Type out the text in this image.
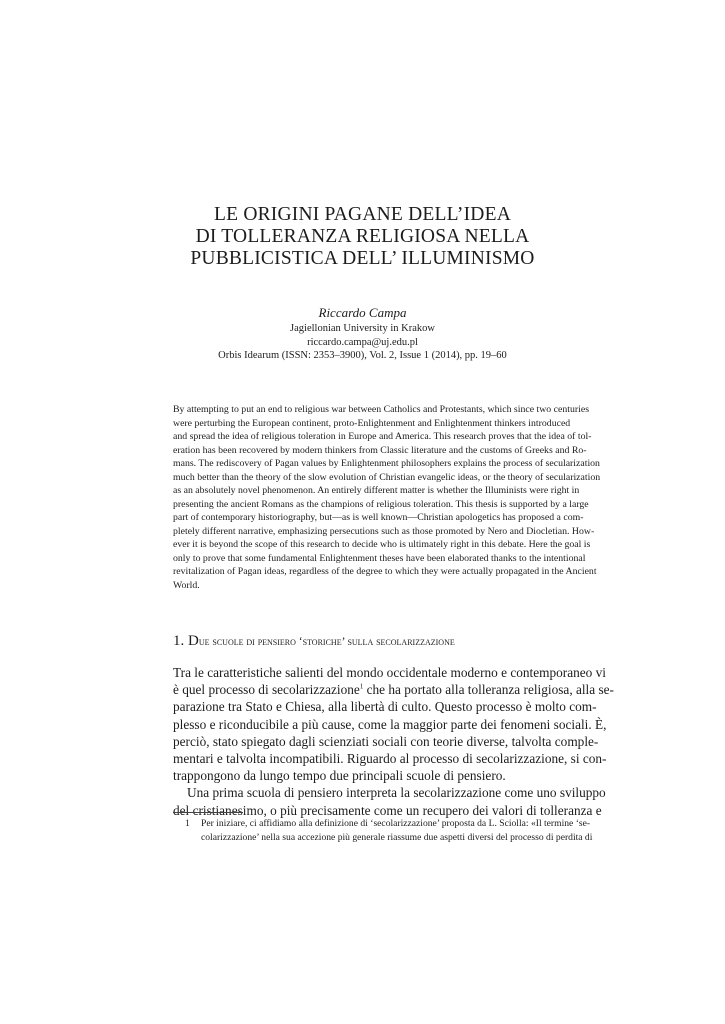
LE ORIGINI PAGANE DELL’IDEA
DI TOLLERANZA RELIGIOSA NELLA
PUBBLICISTICA DELL’ ILLUMINISMO
Riccardo Campa
Jagiellonian University in Krakow
riccardo.campa@uj.edu.pl
Orbis Idearum (ISSN: 2353–3900), Vol. 2, Issue 1 (2014), pp. 19–60
By attempting to put an end to religious war between Catholics and Protestants, which since two centuries
were perturbing the European continent, proto-Enlightenment and Enlightenment thinkers introduced
and spread the idea of religious toleration in Europe and America. This research proves that the idea of tol-
eration has been recovered by modern thinkers from Classic literature and the customs of Greeks and Ro-
mans. The rediscovery of Pagan values by Enlightenment philosophers explains the process of secularization
much better than the theory of the slow evolution of Christian evangelic ideas, or the theory of secularization
as an absolutely novel phenomenon. An entirely different matter is whether the Illuminists were right in
presenting the ancient Romans as the champions of religious toleration. This thesis is supported by a large
part of contemporary historiography, but—as is well known—Christian apologetics has proposed a com-
pletely different narrative, emphasizing persecutions such as those promoted by Nero and Diocletian. How-
ever it is beyond the scope of this research to decide who is ultimately right in this debate. Here the goal is
only to prove that some fundamental Enlightenment theses have been elaborated thanks to the intentional
revitalization of Pagan ideas, regardless of the degree to which they were actually propagated in the Ancient
World.
1. Due scuole di pensiero ‘storiche’ sulla secolarizzazione
Tra le caratteristiche salienti del mondo occidentale moderno e contemporaneo vi
è quel processo di secolarizzazione$^1$ che ha portato alla tolleranza religiosa, alla se-
parazione tra Stato e Chiesa, alla libertà di culto. Questo processo è molto com-
plesso e riconducibile a più cause, come la maggior parte dei fenomeni sociali. È,
perciò, stato spiegato dagli scienziati sociali con teorie diverse, talvolta comple-
mentari e talvolta incompatibili. Riguardo al processo di secolarizzazione, si con-
trappongono da lungo tempo due principali scuole di pensiero.
Una prima scuola di pensiero interpreta la secolarizzazione come uno sviluppo
del cristianesimo, o più precisamente come un recupero dei valori di tolleranza e
1 Per iniziare, ci affidiamo alla definizione di ‘secolarizzazione’ proposta da L. Sciolla: «Il termine ‘se-
colarizzazione’ nella sua accezione più generale riassume due aspetti diversi del processo di perdita di
